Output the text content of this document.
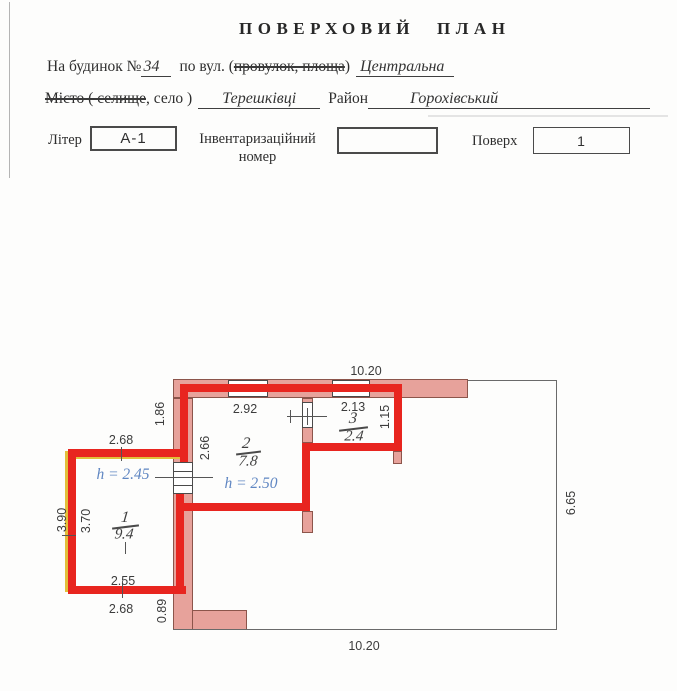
ПОВЕРХОВИЙ ПЛАН
На будинок № 34	по вул. ( провулок, площа ) Центральна
Місто ( селище , село )	Терешківці	Район	Горохівський
Літер	А-1	Інвентаризаційний
номер
Поверх	1
10.20
1.86	2.92	2.13 1.15
2.66
2.68
3.90 3.70
2.55
2.68 0.89
6.65
10.20
1
9.4
2
7.8
3
2.4
h = 2.45
h = 2.50
